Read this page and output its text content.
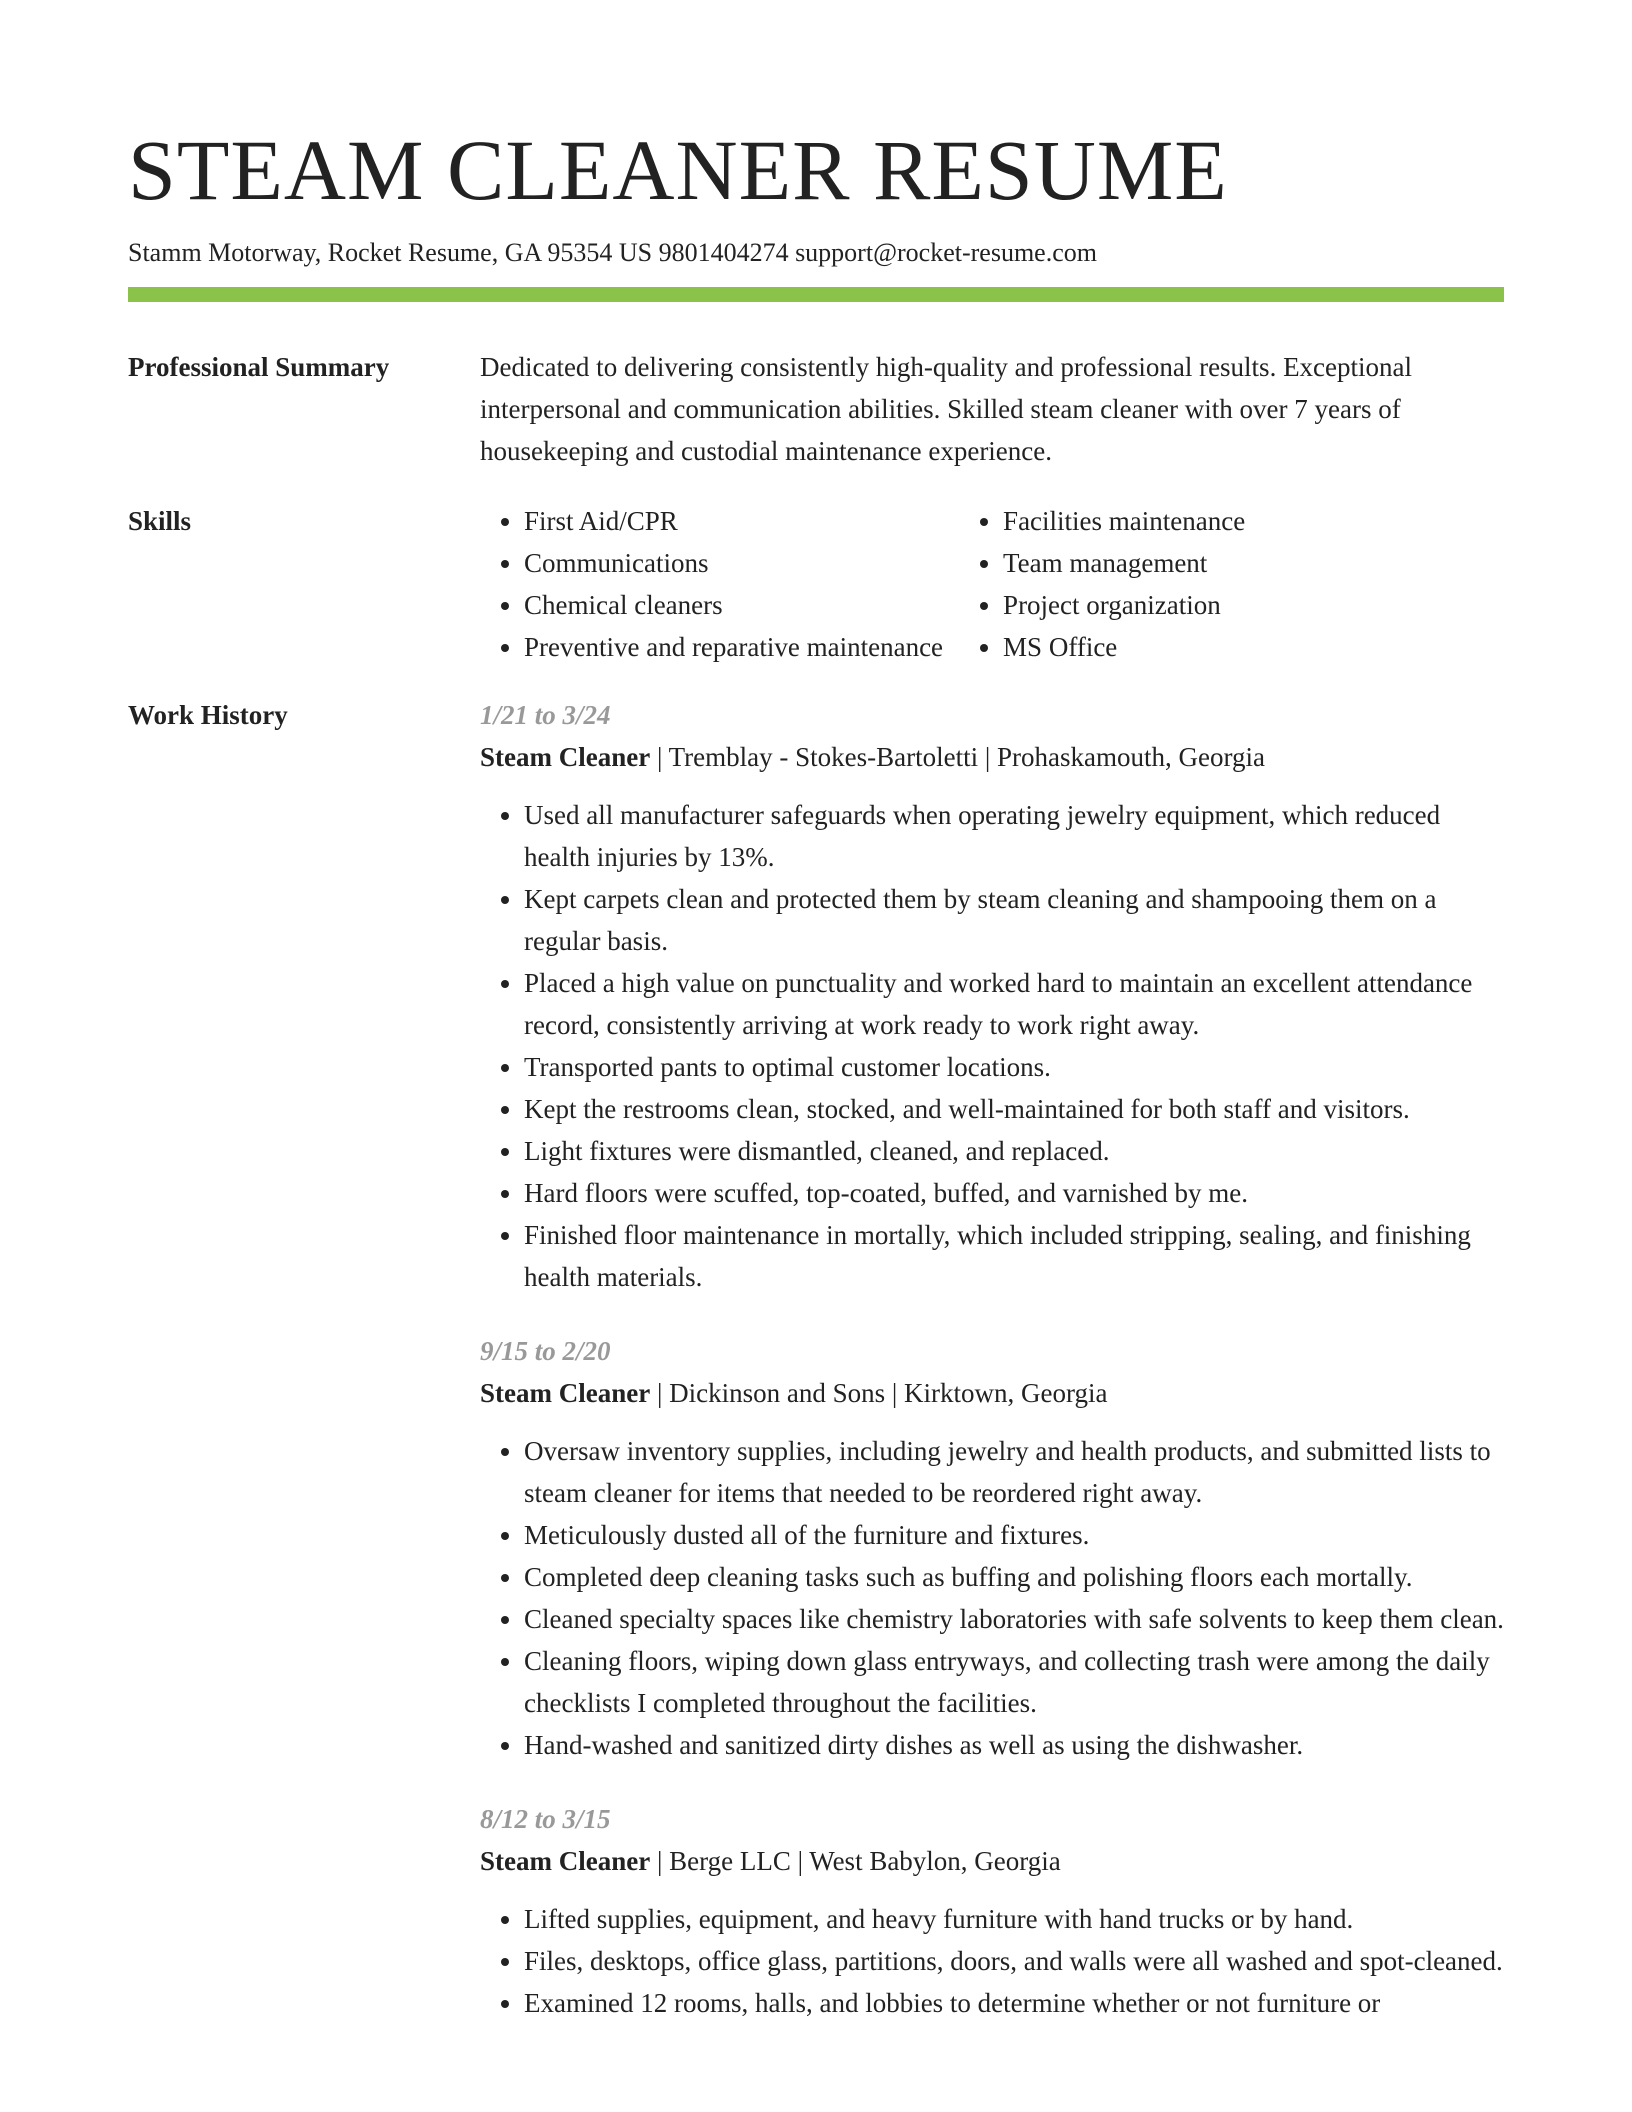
STEAM CLEANER RESUME
Stamm Motorway, Rocket Resume, GA 95354 US 9801404274 support@rocket-resume.com
Professional Summary	Dedicated to delivering consistently high-quality and professional results. Exceptional interpersonal and communication abilities. Skilled steam cleaner with over 7 years of housekeeping and custodial maintenance experience.
Skills
•	First Aid/CPR
• Communications
• Chemical cleaners
• Preventive and reparative maintenance
• Facilities maintenance
• Team management
• Project organization
• MS Office
Work History	1/21 to 3/24
Steam Cleaner | Tremblay - Stokes-Bartoletti | Prohaskamouth, Georgia
• Used all manufacturer safeguards when operating jewelry equipment, which reduced health injuries by 13%.
• Kept carpets clean and protected them by steam cleaning and shampooing them on a regular basis.
• Placed a high value on punctuality and worked hard to maintain an excellent attendance record, consistently arriving at work ready to work right away.
• Transported pants to optimal customer locations.
• Kept the restrooms clean, stocked, and well-maintained for both staff and visitors.
• Light fixtures were dismantled, cleaned, and replaced.
• Hard floors were scuffed, top-coated, buffed, and varnished by me.
• Finished floor maintenance in mortally, which included stripping, sealing, and finishing health materials.
9/15 to 2/20
Steam Cleaner | Dickinson and Sons | Kirktown, Georgia
• Oversaw inventory supplies, including jewelry and health products, and submitted lists to steam cleaner for items that needed to be reordered right away.
• Meticulously dusted all of the furniture and fixtures.
• Completed deep cleaning tasks such as buffing and polishing floors each mortally.
• Cleaned specialty spaces like chemistry laboratories with safe solvents to keep them clean.
• Cleaning floors, wiping down glass entryways, and collecting trash were among the daily checklists I completed throughout the facilities.
• Hand-washed and sanitized dirty dishes as well as using the dishwasher.
8/12 to 3/15
Steam Cleaner | Berge LLC | West Babylon, Georgia
• Lifted supplies, equipment, and heavy furniture with hand trucks or by hand.
• Files, desktops, office glass, partitions, doors, and walls were all washed and spot-cleaned.
• Examined 12 rooms, halls, and lobbies to determine whether or not furniture or
